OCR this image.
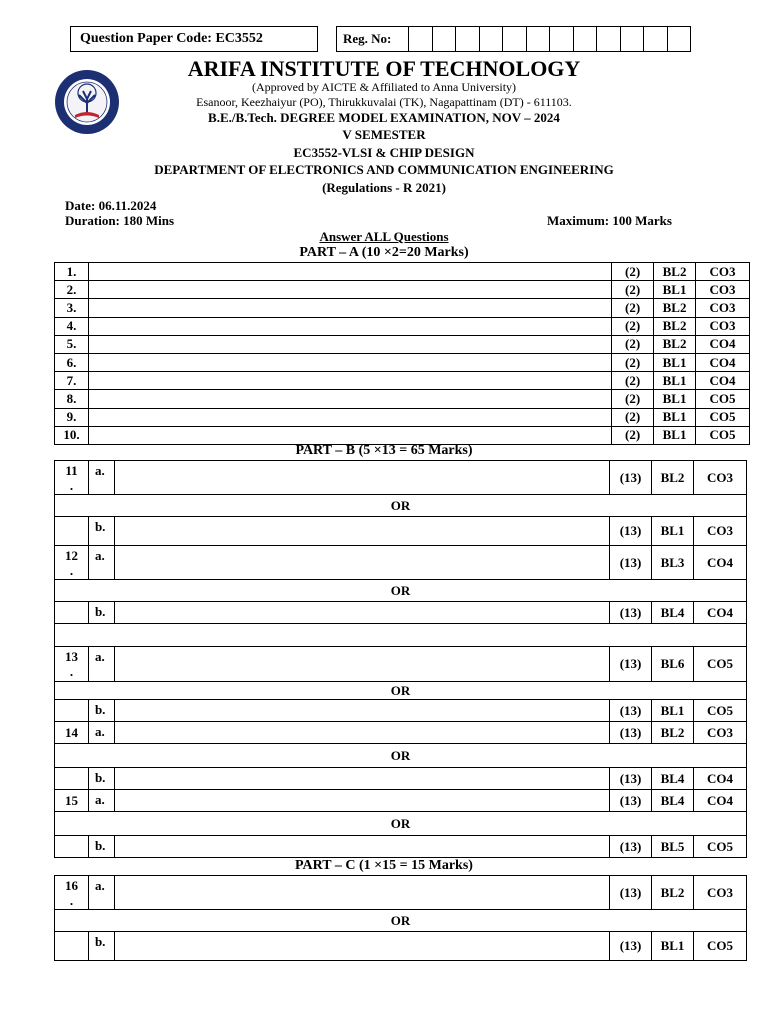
Question Paper Code: EC3552	Reg. No:
ARIFA INSTITUTE OF TECHNOLOGY
(Approved by AICTE & Affiliated to Anna University)
Esanoor, Keezhaiyur (PO), Thirukkuvalai (TK), Nagapattinam (DT) - 611103.
B.E./B.Tech. DEGREE MODEL EXAMINATION, NOV – 2024
V SEMESTER
EC3552-VLSI & CHIP DESIGN
DEPARTMENT OF ELECTRONICS AND COMMUNICATION ENGINEERING
(Regulations - R 2021)
Date: 06.11.2024
Duration: 180 Mins	Maximum: 100 Marks
Answer ALL Questions
PART – A (10 ×2=20 Marks)
1.		(2)	BL2	CO3
2.		(2)	BL1	CO3
3.		(2)	BL2	CO3
4.		(2)	BL2	CO3
5.		(2)	BL2	CO4
6.		(2)	BL1	CO4
7.		(2)	BL1	CO4
8.		(2)	BL1	CO5
9.		(2)	BL1	CO5
10.		(2)	BL1	CO5
PART – B (5 ×13 = 65 Marks)
11
.	a.		(13)	BL2	CO3
OR					
	b.		(13)	BL1	CO3
12
.	a.		(13)	BL3	CO4
OR					
	b.		(13)	BL4	CO4

13
.	a.		(13)	BL6	CO5
OR					
	b.		(13)	BL1	CO5
14	a.		(13)	BL2	CO3
OR					
	b.		(13)	BL4	CO4
15	a.		(13)	BL4	CO4
OR					
	b.		(13)	BL5	CO5
PART – C (1 ×15 = 15 Marks)
16
.	a.		(13)	BL2	CO3
OR					
	b.		(13)	BL1	CO5
